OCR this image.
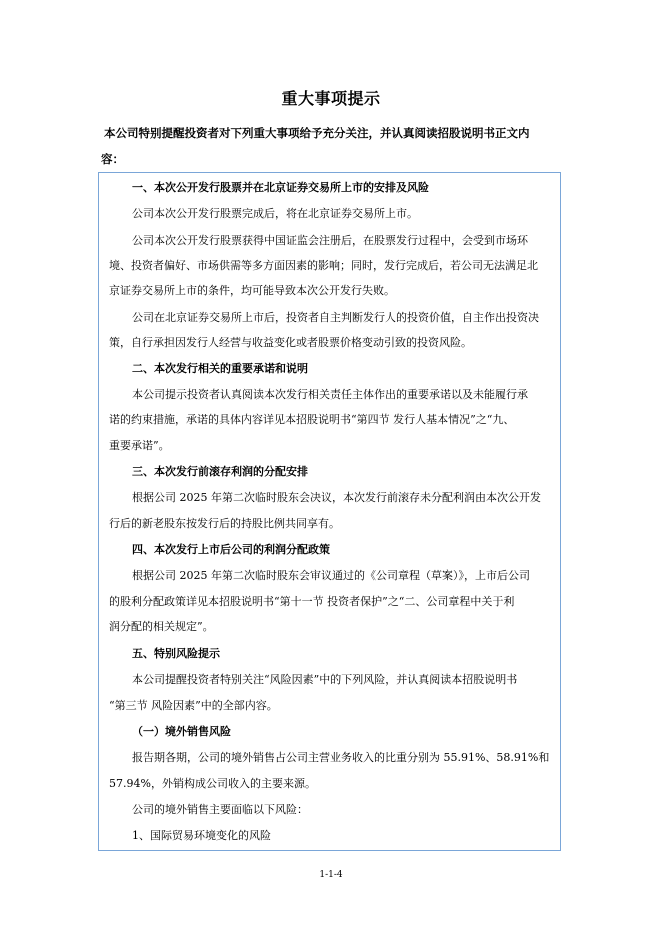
重大事项提示
本公司特别提醒投资者对下列重大事项给予充分关注，并认真阅读招股说明书正文内
容：
一、本次公开发行股票并在北京证券交易所上市的安排及风险
公司本次公开发行股票完成后，将在北京证券交易所上市。
公司本次公开发行股票获得中国证监会注册后，在股票发行过程中，会受到市场环
境、投资者偏好、市场供需等多方面因素的影响；同时，发行完成后，若公司无法满足北
京证券交易所上市的条件，均可能导致本次公开发行失败。
公司在北京证券交易所上市后，投资者自主判断发行人的投资价值，自主作出投资决
策，自行承担因发行人经营与收益变化或者股票价格变动引致的投资风险。
二、本次发行相关的重要承诺和说明
本公司提示投资者认真阅读本次发行相关责任主体作出的重要承诺以及未能履行承
诺的约束措施，承诺的具体内容详见本招股说明书“第四节 发行人基本情况”之“九、
重要承诺”。
三、本次发行前滚存利润的分配安排
根据公司 2025 年第二次临时股东会决议，本次发行前滚存未分配利润由本次公开发
行后的新老股东按发行后的持股比例共同享有。
四、本次发行上市后公司的利润分配政策
根据公司 2025 年第二次临时股东会审议通过的《公司章程（草案）》，上市后公司
的股利分配政策详见本招股说明书“第十一节 投资者保护”之“二、公司章程中关于利
润分配的相关规定”。
五、特别风险提示
本公司提醒投资者特别关注“风险因素”中的下列风险，并认真阅读本招股说明书
“第三节 风险因素”中的全部内容。
（一）境外销售风险
报告期各期，公司的境外销售占公司主营业务收入的比重分别为 55.91%、58.91%和
57.94%，外销构成公司收入的主要来源。
公司的境外销售主要面临以下风险：
1、国际贸易环境变化的风险
1-1-4
